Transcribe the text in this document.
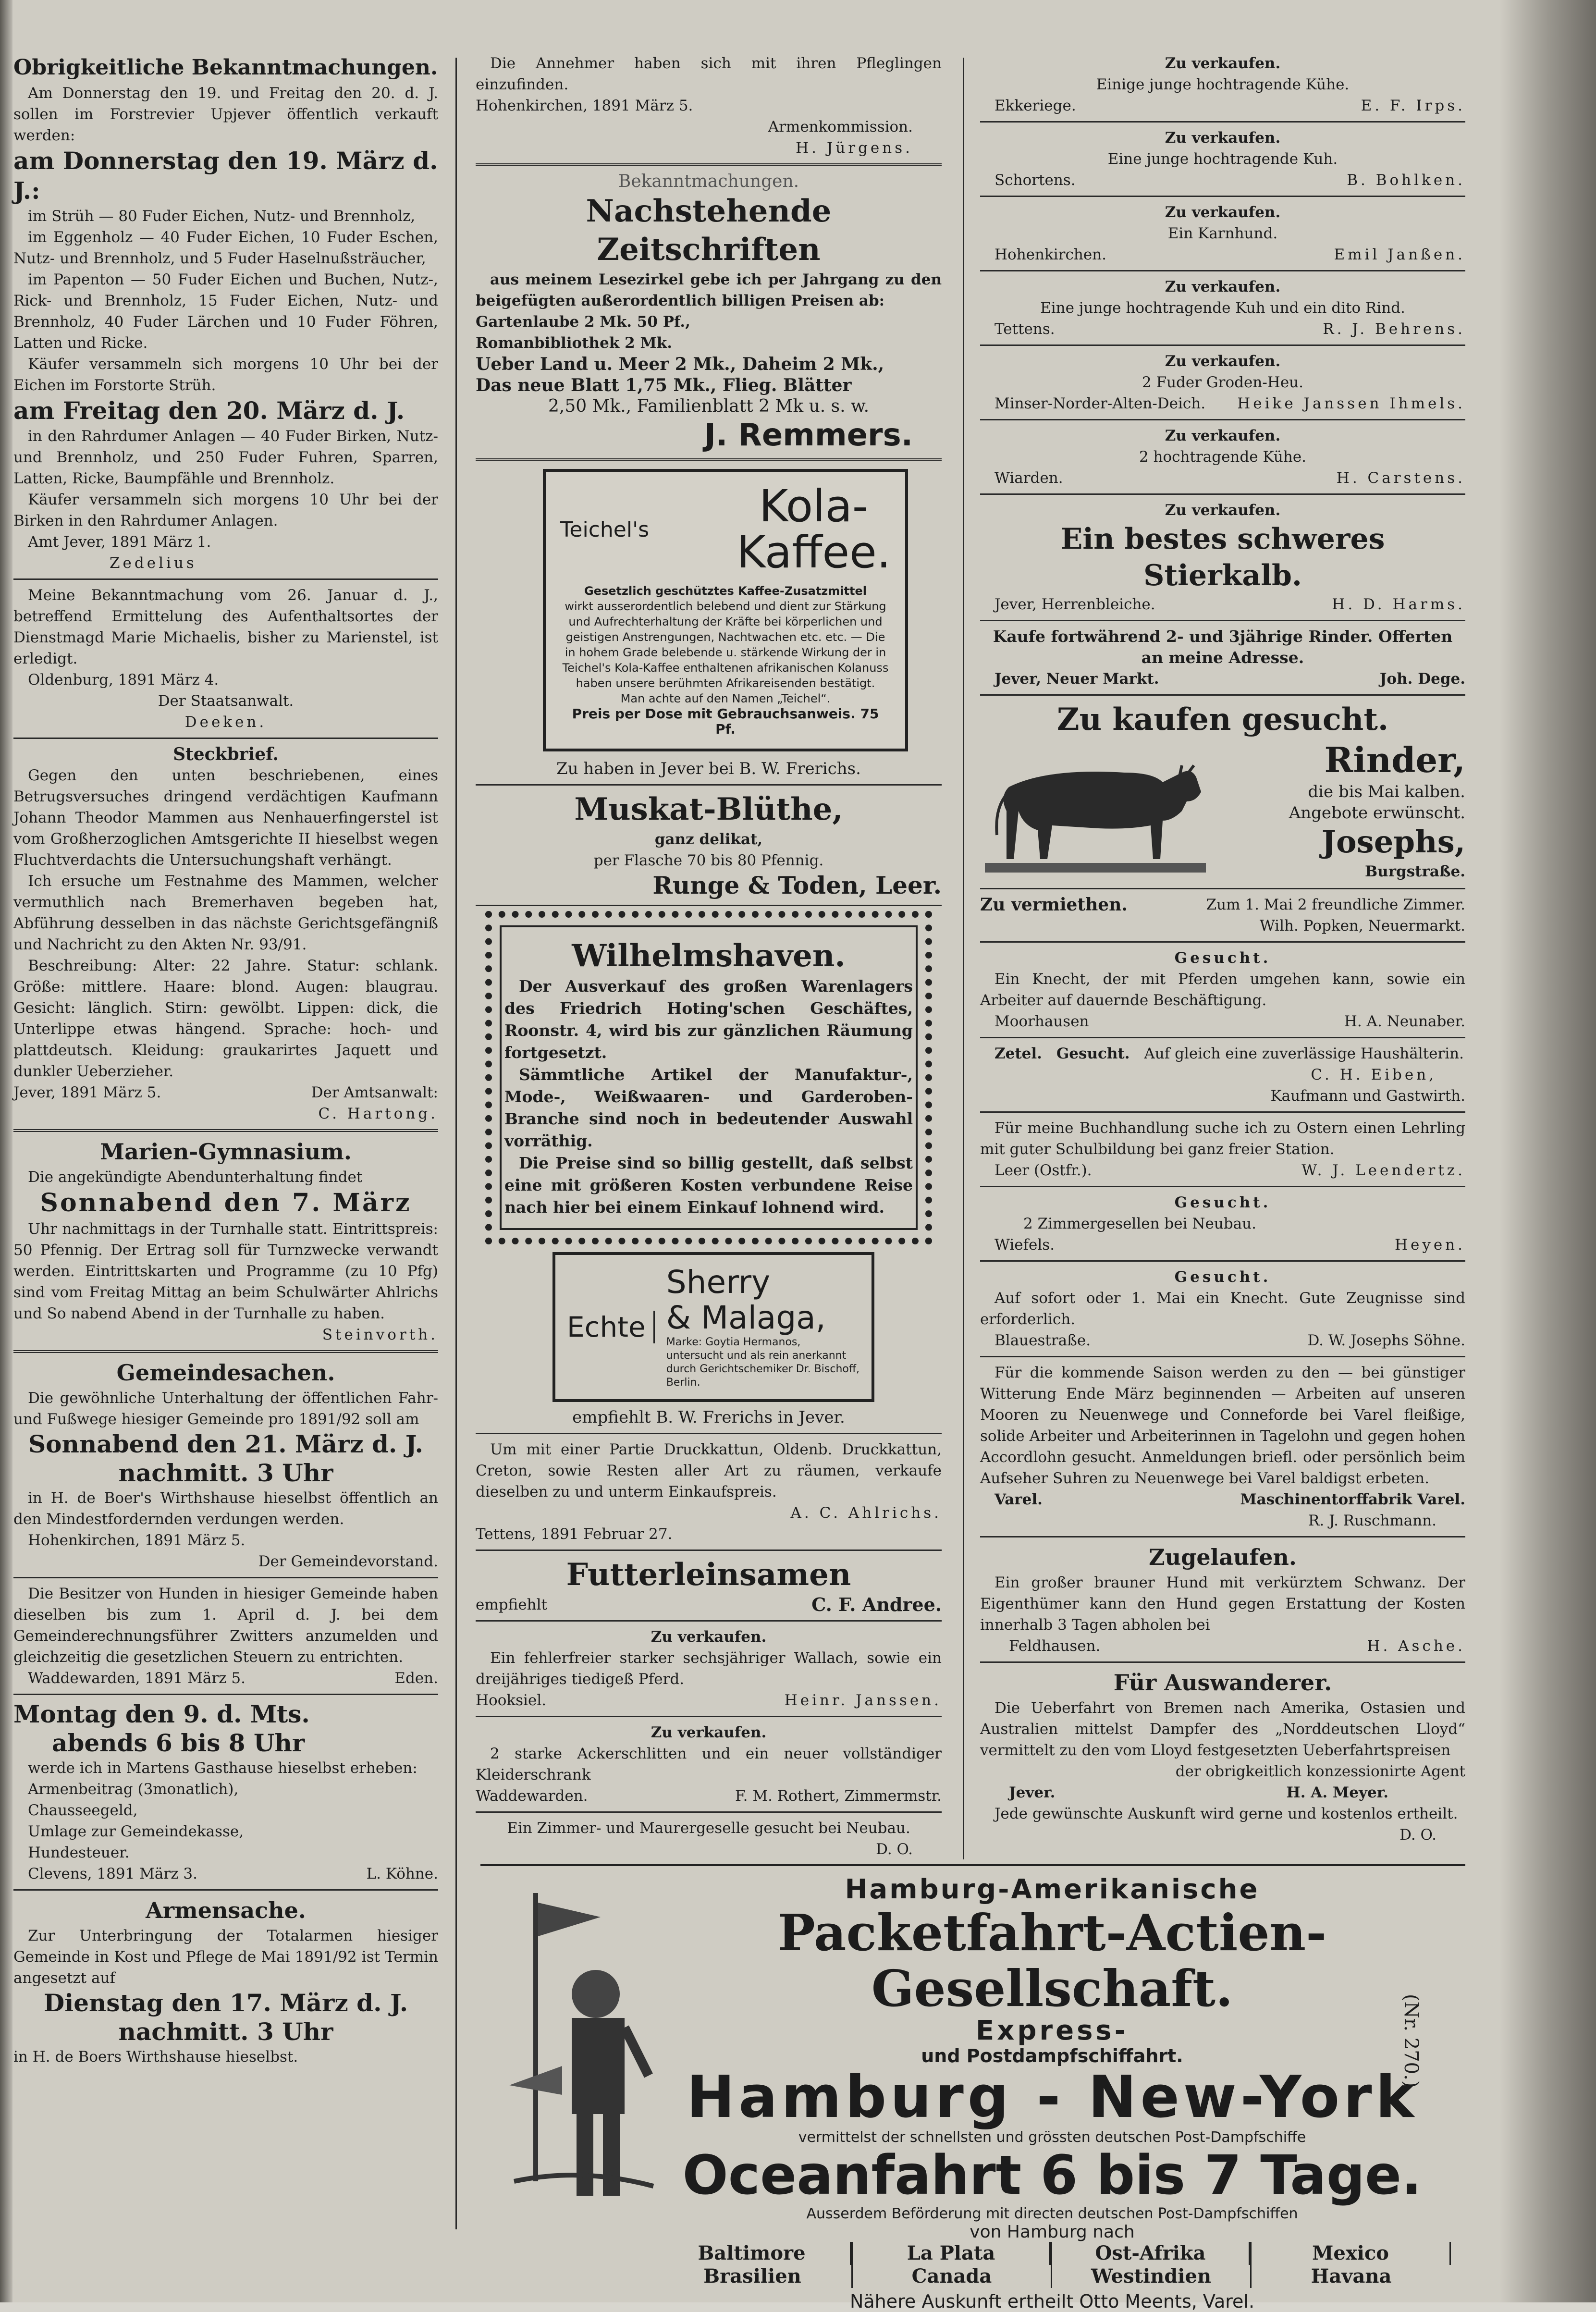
Obrigkeitliche Bekanntmachungen.
Am Donnerstag den 19. und Freitag den 20. d. J. sollen im Forstrevier Upjever öffentlich verkauft werden:
am Donnerstag den 19. März d. J.:
im Strüh — 80 Fuder Eichen, Nutz- und Brennholz,
im Eggenholz — 40 Fuder Eichen, 10 Fuder Eschen, Nutz- und Brennholz, und 5 Fuder Haselnußsträucher,
im Papenton — 50 Fuder Eichen und Buchen, Nutz-, Rick- und Brennholz, 15 Fuder Eichen, Nutz- und Brennholz, 40 Fuder Lärchen und 10 Fuder Föhren, Latten und Ricke.
Käufer versammeln sich morgens 10 Uhr bei der Eichen im Forstorte Strüh.
am Freitag den 20. März d. J.
in den Rahrdumer Anlagen — 40 Fuder Birken, Nutz- und Brennholz, und 250 Fuder Fuhren, Sparren, Latten, Ricke, Baumpfähle und Brennholz.
Käufer versammeln sich morgens 10 Uhr bei der Birken in den Rahrdumer Anlagen.
Amt Jever, 1891 März 1.
Zedelius
Meine Bekanntmachung vom 26. Januar d. J., betreffend Ermittelung des Aufenthaltsortes der Dienstmagd Marie Michaelis, bisher zu Marienstel, ist erledigt.
Oldenburg, 1891 März 4.
Der Staatsanwalt.
Deeken.
Steckbrief.
Gegen den unten beschriebenen, eines Betrugsversuches dringend verdächtigen Kaufmann Johann Theodor Mammen aus Nenhauerfingerstel ist vom Großherzoglichen Amtsgerichte II hieselbst wegen Fluchtverdachts die Untersuchungshaft verhängt.
Ich ersuche um Festnahme des Mammen, welcher vermuthlich nach Bremerhaven begeben hat, Abführung desselben in das nächste Gerichtsgefängniß und Nachricht zu den Akten Nr. 93/91.
Beschreibung: Alter: 22 Jahre. Statur: schlank. Größe: mittlere. Haare: blond. Augen: blaugrau. Gesicht: länglich. Stirn: gewölbt. Lippen: dick, die Unterlippe etwas hängend. Sprache: hoch- und plattdeutsch. Kleidung: graukarirtes Jaquett und dunkler Ueberzieher.
Jever, 1891 März 5.	Der Amtsanwalt:
C. Hartong.
Marien-Gymnasium.
Die angekündigte Abendunterhaltung findet
Sonnabend den 7. März
Uhr nachmittags in der Turnhalle statt. Eintrittspreis: 50 Pfennig. Der Ertrag soll für Turnzwecke verwandt werden. Eintrittskarten und Programme (zu 10 Pfg) sind vom Freitag Mittag an beim Schulwärter Ahlrichs und So nabend Abend in der Turnhalle zu haben.
Steinvorth.
Gemeindesachen.
Die gewöhnliche Unterhaltung der öffentlichen Fahr- und Fußwege hiesiger Gemeinde pro 1891/92 soll am
Sonnabend den 21. März d. J.
nachmitt. 3 Uhr
in H. de Boer's Wirthshause hieselbst öffentlich an den Mindestfordernden verdungen werden.
Hohenkirchen, 1891 März 5.
Der Gemeindevorstand.
Die Besitzer von Hunden in hiesiger Gemeinde haben dieselben bis zum 1. April d. J. bei dem Gemeinderechnungsführer Zwitters anzumelden und gleichzeitig die gesetzlichen Steuern zu entrichten.
Waddewarden, 1891 März 5.	Eden.
Montag den 9. d. Mts.
abends 6 bis 8 Uhr
werde ich in Martens Gasthause hieselbst erheben:
Armenbeitrag (3monatlich),
Chausseegeld,
Umlage zur Gemeindekasse,
Hundesteuer.
Clevens, 1891 März 3.	L. Köhne.
Armensache.
Zur Unterbringung der Totalarmen hiesiger Gemeinde in Kost und Pflege de Mai 1891/92 ist Termin angesetzt auf
Dienstag den 17. März d. J.
nachmitt. 3 Uhr
in H. de Boers Wirthshause hieselbst.
Die Annehmer haben sich mit ihren Pfleglingen einzufinden.
Hohenkirchen, 1891 März 5.
Armenkommission.
H. Jürgens.
Bekanntmachungen.
Nachstehende Zeitschriften
aus meinem Lesezirkel gebe ich per Jahrgang zu den beigefügten außerordentlich billigen Preisen ab:
Gartenlaube 2 Mk. 50 Pf.,
Romanbibliothek 2 Mk.
Ueber Land u. Meer 2 Mk., Daheim 2 Mk.,
Das neue Blatt 1,75 Mk., Flieg. Blätter
2,50 Mk., Familienblatt 2 Mk u. s. w.
J. Remmers.
Teichel's	Kola-
Kaffee.
Gesetzlich geschütztes Kaffee-Zusatzmittel
wirkt ausserordentlich belebend und dient zur Stärkung und Aufrechterhaltung der Kräfte bei körperlichen und geistigen Anstrengungen, Nachtwachen etc. etc. — Die in hohem Grade belebende u. stärkende Wirkung der in Teichel's Kola-Kaffee enthaltenen afrikanischen Kolanuss haben unsere berühmten Afrikareisenden bestätigt.
Man achte auf den Namen „Teichel“.
Preis per Dose mit Gebrauchsanweis. 75 Pf.
Zu haben in Jever bei B. W. Frerichs.
Muskat-Blüthe,
ganz delikat,
per Flasche 70 bis 80 Pfennig.
Runge & Toden, Leer.
Wilhelmshaven.
Der Ausverkauf des großen Warenlagers des Friedrich Hoting'schen Geschäftes, Roonstr. 4, wird bis zur gänzlichen Räumung fortgesetzt.
Sämmtliche Artikel der Manufaktur-, Mode-, Weißwaaren- und Garderoben-Branche sind noch in bedeutender Auswahl vorräthig.
Die Preise sind so billig gestellt, daß selbst eine mit größeren Kosten verbundene Reise nach hier bei einem Einkauf lohnend wird.
Echte
Sherry
& Malaga,
Marke: Goytia Hermanos, untersucht und als rein anerkannt durch Gerichtschemiker Dr. Bischoff, Berlin.
empfiehlt B. W. Frerichs in Jever.
Um mit einer Partie Druckkattun, Oldenb. Druckkattun, Creton, sowie Resten aller Art zu räumen, verkaufe dieselben zu und unterm Einkaufspreis.
A. C. Ahlrichs.
Tettens, 1891 Februar 27.
Futterleinsamen
empfiehlt	C. F. Andree.
Zu verkaufen.
Ein fehlerfreier starker sechsjähriger Wallach, sowie ein dreijähriges tiedigeß Pferd.
Hooksiel.	Heinr. Janssen.
Zu verkaufen.
2 starke Ackerschlitten und ein neuer vollständiger Kleiderschrank
Waddewarden.	F. M. Rothert, Zimmermstr.
Ein Zimmer- und Maurergeselle gesucht bei Neubau.
D. O.
Zu verkaufen.
Einige junge hochtragende Kühe.
Ekkeriege.	E. F. Irps.
Zu verkaufen.
Eine junge hochtragende Kuh.
Schortens.	B. Bohlken.
Zu verkaufen.
Ein Karnhund.
Hohenkirchen.	Emil Janßen.
Zu verkaufen.
Eine junge hochtragende Kuh und ein dito Rind.
Tettens.	R. J. Behrens.
Zu verkaufen.
2 Fuder Groden-Heu.
Minser-Norder-Alten-Deich. Heike Janssen Ihmels.
Zu verkaufen.
2 hochtragende Kühe.
Wiarden.	H. Carstens.
Zu verkaufen.
Ein bestes schweres Stierkalb.
Jever, Herrenbleiche.	H. D. Harms.
Kaufe fortwährend 2- und 3jährige Rinder. Offerten an meine Adresse.
Jever, Neuer Markt.	Joh. Dege.
Zu kaufen gesucht.
Rinder,
die bis Mai kalben.
Angebote erwünscht.
Josephs,
Burgstraße.
Zu vermiethen.	Zum 1. Mai 2 freundliche Zimmer.
Wilh. Popken, Neuermarkt.
Gesucht.
Ein Knecht, der mit Pferden umgehen kann, sowie ein Arbeiter auf dauernde Beschäftigung.
Moorhausen	H. A. Neunaber.
Zetel. Gesucht. Auf gleich eine zuverlässige Haushälterin.
C. H. Eiben,
Kaufmann und Gastwirth.
Für meine Buchhandlung suche ich zu Ostern einen Lehrling mit guter Schulbildung bei ganz freier Station.
Leer (Ostfr.).	W. J. Leendertz.
Gesucht.
2 Zimmergesellen bei Neubau.
Wiefels.	Heyen.
Gesucht.
Auf sofort oder 1. Mai ein Knecht. Gute Zeugnisse sind erforderlich.
Blauestraße.	D. W. Josephs Söhne.
Für die kommende Saison werden zu den — bei günstiger Witterung Ende März beginnenden — Arbeiten auf unseren Mooren zu Neuenwege und Conneforde bei Varel fleißige, solide Arbeiter und Arbeiterinnen in Tagelohn und gegen hohen Accordlohn gesucht. Anmeldungen briefl. oder persönlich beim Aufseher Suhren zu Neuenwege bei Varel baldigst erbeten.
Varel.	Maschinentorffabrik Varel.
R. J. Ruschmann.
Zugelaufen.
Ein großer brauner Hund mit verkürztem Schwanz. Der Eigenthümer kann den Hund gegen Erstattung der Kosten innerhalb 3 Tagen abholen bei
Feldhausen.	H. Asche.
Für Auswanderer.
Die Ueberfahrt von Bremen nach Amerika, Ostasien und Australien mittelst Dampfer des „Norddeutschen Lloyd“ vermittelt zu den vom Lloyd festgesetzten Ueberfahrtspreisen
der obrigkeitlich konzessionirte Agent
Jever.	H. A. Meyer.
Jede gewünschte Auskunft wird gerne und kostenlos ertheilt.
D. O.
Hamburg-Amerikanische
Packetfahrt-Actien-Gesellschaft.
Express-
und Postdampfschiffahrt.
Hamburg - New-York
vermittelst der schnellsten und grössten deutschen Post-Dampfschiffe
Oceanfahrt 6 bis 7 Tage.
Ausserdem Beförderung mit directen deutschen Post-Dampfschiffen
von Hamburg nach
Baltimore
Brasilien
La Plata
Canada
Ost-Afrika
Westindien
Mexico
Havana
Nähere Auskunft ertheilt Otto Meents, Varel.
(Nr. 270.)
